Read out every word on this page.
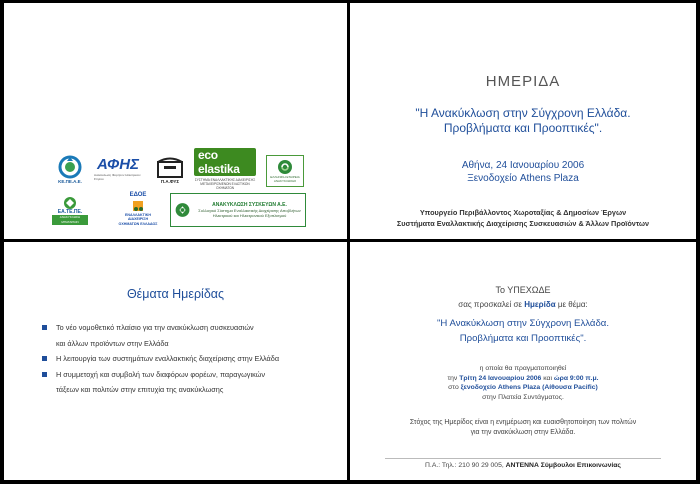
ΚΕ.ΠΕ.Α.Ε.
ΑΦΗΣ
Ανακύκλωση Φορητών Ηλεκτρικών Στηλών	Π.Α.ΦΥΣ
eco elastika
ΣΥΣΤΗΜΑ ΕΝΑΛΛΑΚΤΙΚΗΣ ΔΙΑΧΕΙΡΙΣΗΣ ΜΕΤΑΧΕΙΡΙΣΜΕΝΩΝ ΕΛΑΣΤΙΚΩΝ ΟΧΗΜΑΤΩΝ
ΕΛΛΗΝΙΚΗ ΕΤΑΙΡΕΙΑ ΑΝΑΚΥΚΛΩΣΗΣ
ΕΑ.ΤΕ.ΠΕ.
ΑΝΑΚΥΚΛΩΣΗ ΜΠΑΤΑΡΙΩΝ
ΕΔΟΕ
ΕΝΑΛΛΑΚΤΙΚΗ ΔΙΑΧΕΙΡΙΣΗ ΟΧΗΜΑΤΩΝ ΕΛΛΑΔΟΣ
ΑΝΑΚΥΚΛΩΣΗ ΣΥΣΚΕΥΩΝ Α.Ε.
Συλλογικό Σύστημα Εναλλακτικής Διαχείρισης Αποβλήτων Ηλεκτρικού και Ηλεκτρονικού Εξοπλισμού
ΗΜΕΡΙΔΑ
"Η Ανακύκλωση στην Σύγχρονη Ελλάδα.
Προβλήματα και Προοπτικές".
Αθήνα, 24 Ιανουαρίου 2006
Ξενοδοχείο Athens Plaza
Υπουργείο Περιβάλλοντος Χωροταξίας & Δημοσίων Έργων
Συστήματα Εναλλακτικής Διαχείρισης Συσκευασιών & Άλλων Προϊόντων
Θέματα Ημερίδας
Το νέο νομοθετικό πλαίσιο για την ανακύκλωση συσκευασιών
και άλλων προϊόντων στην Ελλάδα
Η λειτουργία των συστημάτων εναλλακτικής διαχείρισης στην Ελλάδα
Η συμμετοχή και συμβολή των διαφόρων φορέων, παραγωγικών
τάξεων και πολιτών στην επιτυχία της ανακύκλωσης
Το ΥΠΕΧΩΔΕ
σας προσκαλεί σε Ημερίδα με θέμα:
"Η Ανακύκλωση στην Σύγχρονη Ελλάδα.
Προβλήματα και Προοπτικές".
η οποία θα πραγματοποιηθεί
την Τρίτη 24 Ιανουαρίου 2006 και ώρα 9:00 π.μ.
στο ξενοδοχείο Athens Plaza (Αίθουσα Pacific)
στην Πλατεία Συντάγματος.
Στόχος της Ημερίδος είναι η ενημέρωση και ευαισθητοποίηση των πολιτών
για την ανακύκλωση στην Ελλάδα.
Π.Α.: Τηλ.: 210 90 29 005, ΑΝΤΕΝΝΑ Σύμβουλοι Επικοινωνίας
